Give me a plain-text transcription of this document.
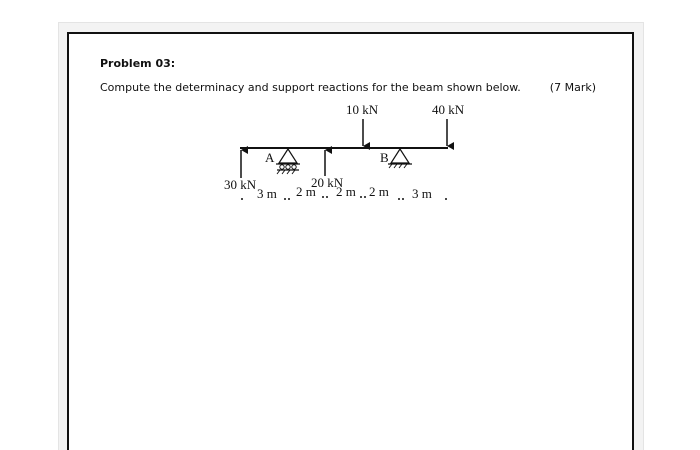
Problem 03:
Compute the determinacy and support reactions for the beam shown below.	(7 Mark)
10 kN	40 kN
A	B
30 kN	20 kN
3 m 2 m 2 m 2 m 3 m
